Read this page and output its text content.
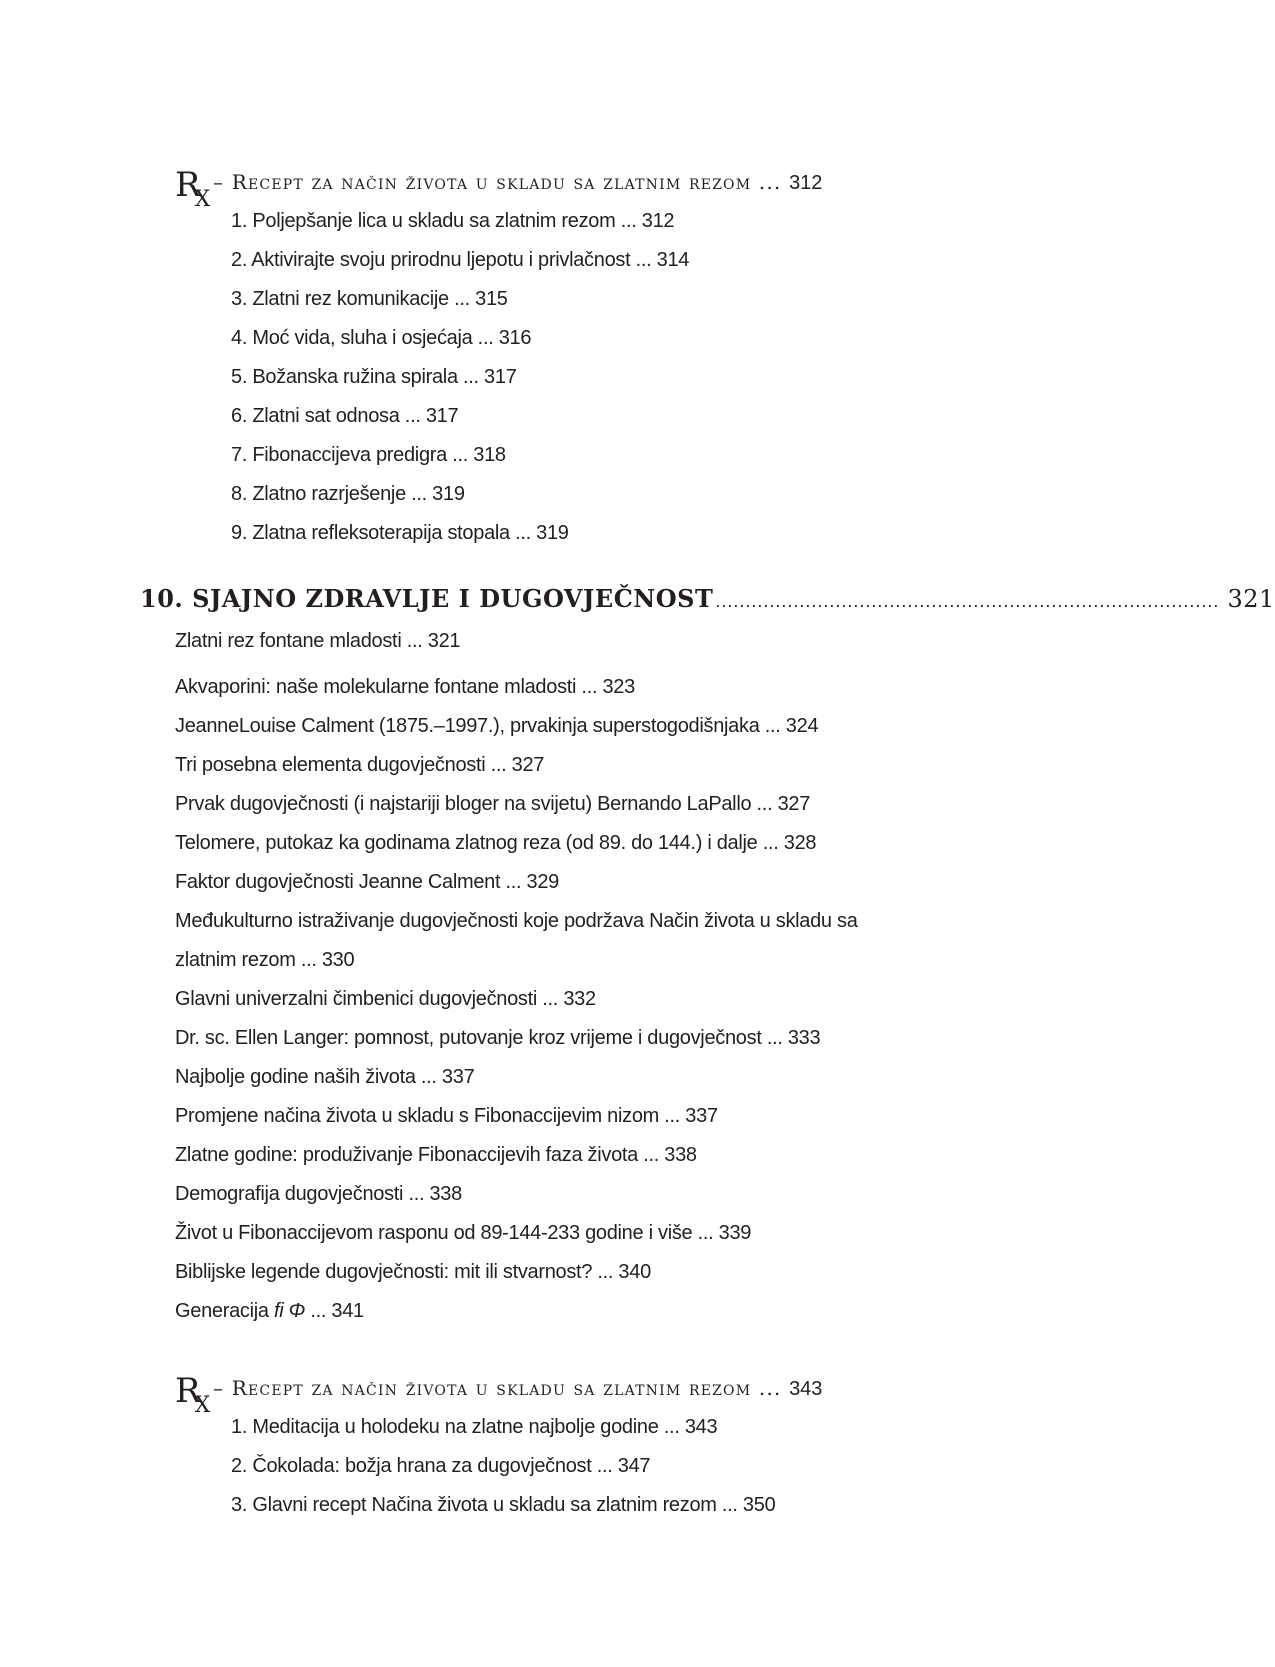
$R_X$
– Recept za način života u skladu sa zlatnim rezom ... 312
1. Poljepšanje lica u skladu sa zlatnim rezom ... 312
2. Aktivirajte svoju prirodnu ljepotu i privlačnost ... 314
3. Zlatni rez komunikacije ... 315
4. Moć vida, sluha i osjećaja ... 316
5. Božanska ružina spirala ... 317
6. Zlatni sat odnosa ... 317
7. Fibonaccijeva predigra ... 318
8. Zlatno razrješenje ... 319
9. Zlatna refleksoterapija stopala ... 319
10. SJAJNO ZDRAVLJE I DUGOVJEČNOST .................................................................................... 321
Zlatni rez fontane mladosti ... 321
Akvaporini: naše molekularne fontane mladosti ... 323
JeanneLouise Calment (1875.–1997.), prvakinja superstogodišnjaka ... 324
Tri posebna elementa dugovječnosti ... 327
Prvak dugovječnosti (i najstariji bloger na svijetu) Bernando LaPallo ... 327
Telomere, putokaz ka godinama zlatnog reza (od 89. do 144.) i dalje ... 328
Faktor dugovječnosti Jeanne Calment ... 329
Međukulturno istraživanje dugovječnosti koje podržava Način života u skladu sa
zlatnim rezom ... 330
Glavni univerzalni čimbenici dugovječnosti ... 332
Dr. sc. Ellen Langer: pomnost, putovanje kroz vrijeme i dugovječnost ... 333
Najbolje godine naših života ... 337
Promjene načina života u skladu s Fibonaccijevim nizom ... 337
Zlatne godine: produživanje Fibonaccijevih faza života ... 338
Demografija dugovječnosti ... 338
Život u Fibonaccijevom rasponu od 89-144-233 godine i više ... 339
Biblijske legende dugovječnosti: mit ili stvarnost? ... 340
Generacija fi Φ ... 341
$R_X$
– Recept za način života u skladu sa zlatnim rezom ... 343
1. Meditacija u holodeku na zlatne najbolje godine ... 343
2. Čokolada: božja hrana za dugovječnost ... 347
3. Glavni recept Načina života u skladu sa zlatnim rezom ... 350
